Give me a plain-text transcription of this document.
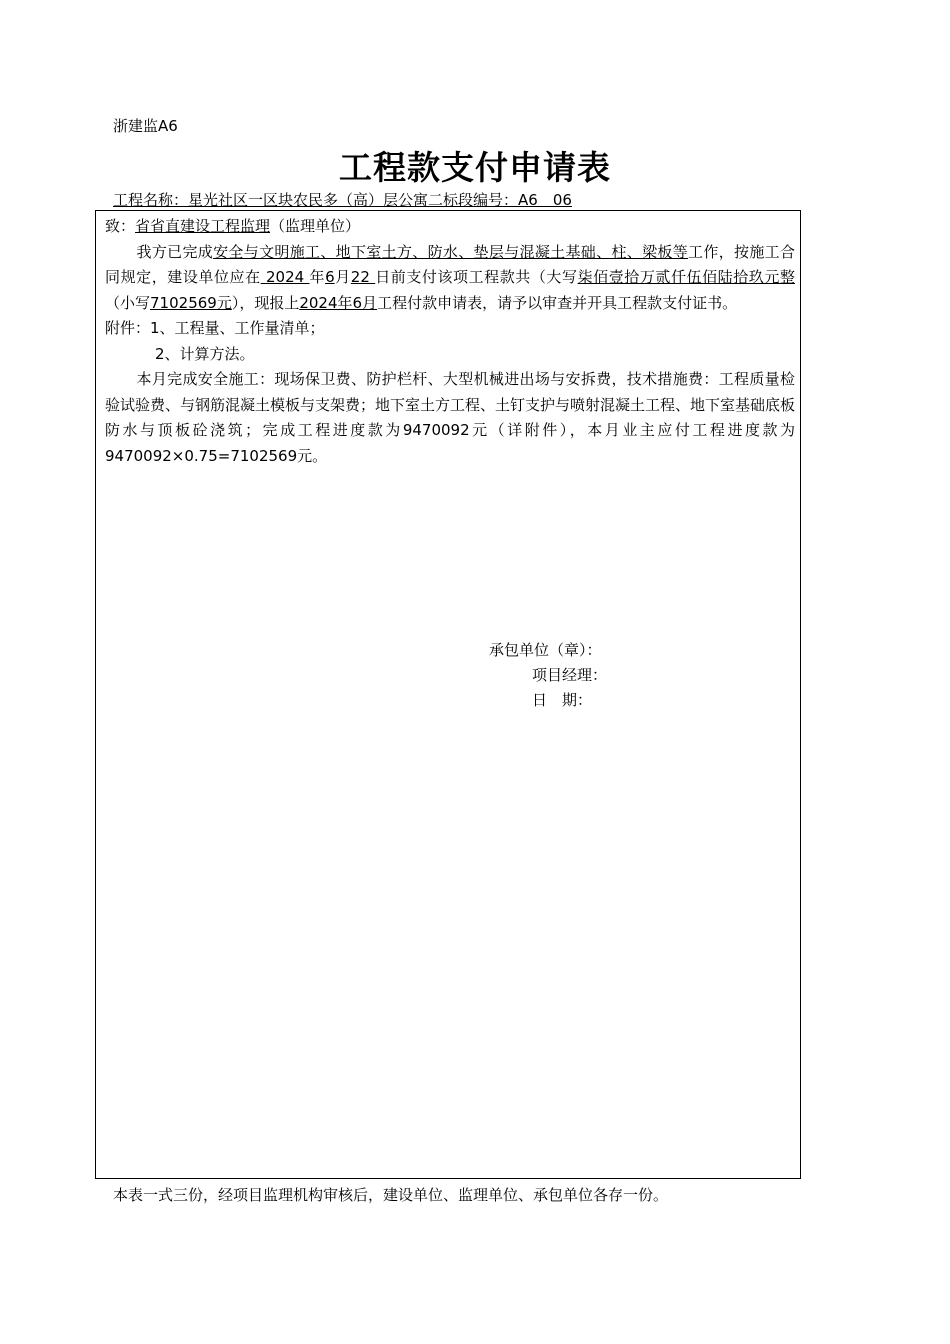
浙建监A6
工程款支付申请表
工程名称：星光社区一区块农民多（高）层公寓二标段编号：A6　06

致：省省直建设工程监理（监理单位）

我方已完成安全与文明施工、地下室土方、防水、垫层与混凝土基础、柱、梁板等工作，按施工合同规定，建设单位应在 2024 年6月22 日前支付该项工程款共（大写柒佰壹拾万贰仟伍佰陆拾玖元整（小写7102569元），现报上2024年6月工程付款申请表，请予以审查并开具工程款支付证书。

附件：1、工程量、工作量清单；

2、计算方法。

本月完成安全施工：现场保卫费、防护栏杆、大型机械进出场与安拆费，技术措施费：工程质量检验试验费、与钢筋混凝土模板与支架费；地下室土方工程、土钉支护与喷射混凝土工程、地下室基础底板防水与顶板砼浇筑；完成工程进度款为9470092元（详附件），本月业主应付工程进度款为9470092×0.75=7102569元。

承包单位（章）：
项目经理：
日　期：
本表一式三份，经项目监理机构审核后，建设单位、监理单位、承包单位各存一份。
